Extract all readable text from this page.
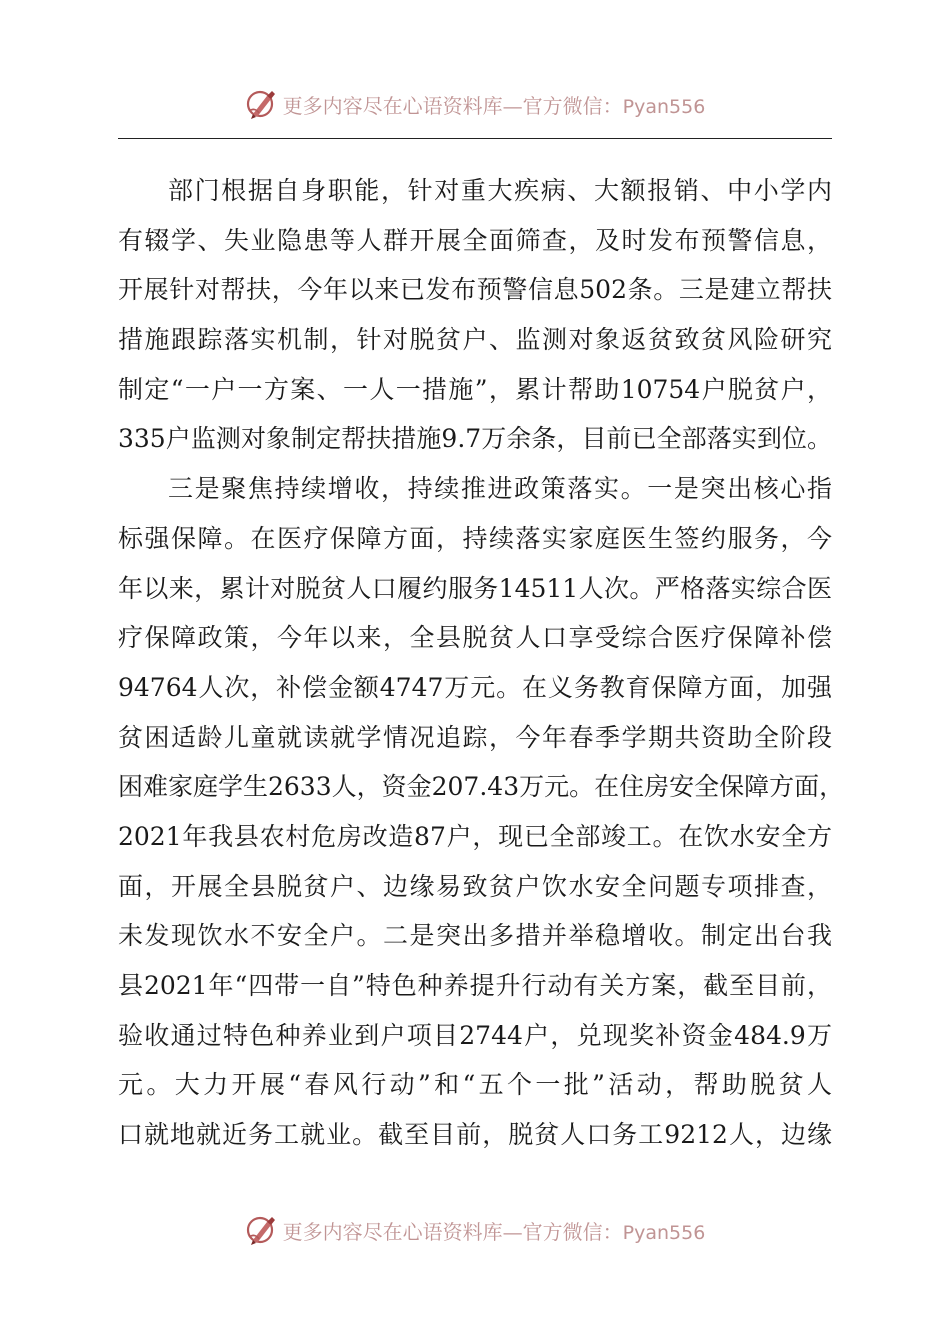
更多内容尽在心语资料库—官方微信：Pyan556
部门根据自身职能，针对重大疾病、大额报销、中小学内
有辍学、失业隐患等人群开展全面筛查，及时发布预警信息，
开展针对帮扶，今年以来已发布预警信息502条。三是建立帮扶
措施跟踪落实机制，针对脱贫户、监测对象返贫致贫风险研究
制定“一户一方案、一人一措施”，累计帮助10754户脱贫户，
335户监测对象制定帮扶措施9.7万余条，目前已全部落实到位。
三是聚焦持续增收，持续推进政策落实。一是突出核心指
标强保障。在医疗保障方面，持续落实家庭医生签约服务，今
年以来，累计对脱贫人口履约服务14511人次。严格落实综合医
疗保障政策，今年以来，全县脱贫人口享受综合医疗保障补偿
94764人次，补偿金额4747万元。在义务教育保障方面，加强
贫困适龄儿童就读就学情况追踪，今年春季学期共资助全阶段
困难家庭学生2633人，资金207.43万元。在住房安全保障方面，
2021年我县农村危房改造87户，现已全部竣工。在饮水安全方
面，开展全县脱贫户、边缘易致贫户饮水安全问题专项排查，
未发现饮水不安全户。二是突出多措并举稳增收。制定出台我
县2021年“四带一自”特色种养提升行动有关方案，截至目前，
验收通过特色种养业到户项目2744户，兑现奖补资金484.9万
元。大力开展“春风行动”和“五个一批”活动，帮助脱贫人
口就地就近务工就业。截至目前，脱贫人口务工9212人，边缘
更多内容尽在心语资料库—官方微信：Pyan556
